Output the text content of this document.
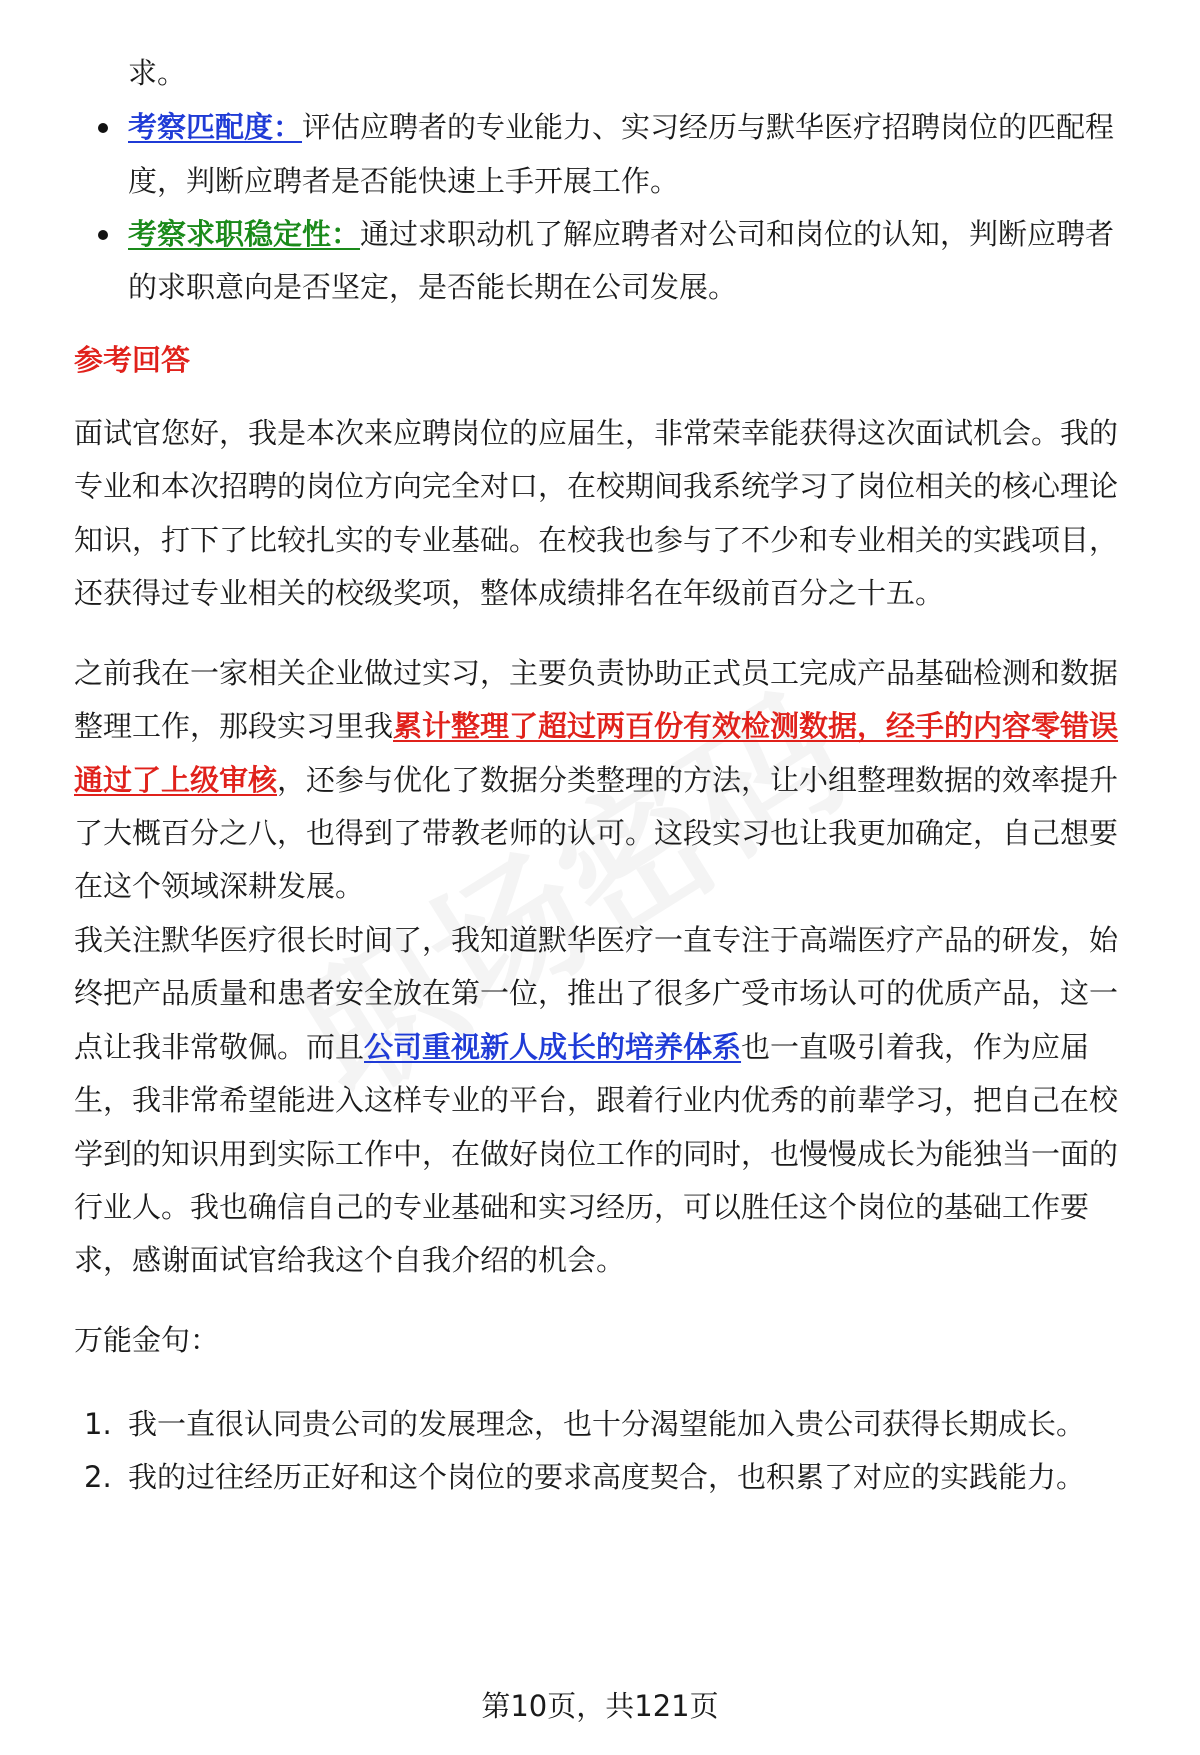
求。
考察匹配度：评估应聘者的专业能力、实习经历与默华医疗招聘岗位的匹配程
度，判断应聘者是否能快速上手开展工作。
考察求职稳定性：通过求职动机了解应聘者对公司和岗位的认知，判断应聘者
的求职意向是否坚定，是否能长期在公司发展。
参考回答
面试官您好，我是本次来应聘岗位的应届生，非常荣幸能获得这次面试机会。我的
专业和本次招聘的岗位方向完全对口，在校期间我系统学习了岗位相关的核心理论
知识，打下了比较扎实的专业基础。在校我也参与了不少和专业相关的实践项目，
还获得过专业相关的校级奖项，整体成绩排名在年级前百分之十五。
之前我在一家相关企业做过实习，主要负责协助正式员工完成产品基础检测和数据
整理工作，那段实习里我累计整理了超过两百份有效检测数据，经手的内容零错误
通过了上级审核，还参与优化了数据分类整理的方法，让小组整理数据的效率提升
了大概百分之八，也得到了带教老师的认可。这段实习也让我更加确定，自己想要
在这个领域深耕发展。
我关注默华医疗很长时间了，我知道默华医疗一直专注于高端医疗产品的研发，始
终把产品质量和患者安全放在第一位，推出了很多广受市场认可的优质产品，这一
点让我非常敬佩。而且公司重视新人成长的培养体系也一直吸引着我，作为应届
生，我非常希望能进入这样专业的平台，跟着行业内优秀的前辈学习，把自己在校
学到的知识用到实际工作中，在做好岗位工作的同时，也慢慢成长为能独当一面的
行业人。我也确信自己的专业基础和实习经历，可以胜任这个岗位的基础工作要
求，感谢面试官给我这个自我介绍的机会。
万能金句：
1. 我一直很认同贵公司的发展理念，也十分渴望能加入贵公司获得长期成长。
2. 我的过往经历正好和这个岗位的要求高度契合，也积累了对应的实践能力。
第10页，共121页
